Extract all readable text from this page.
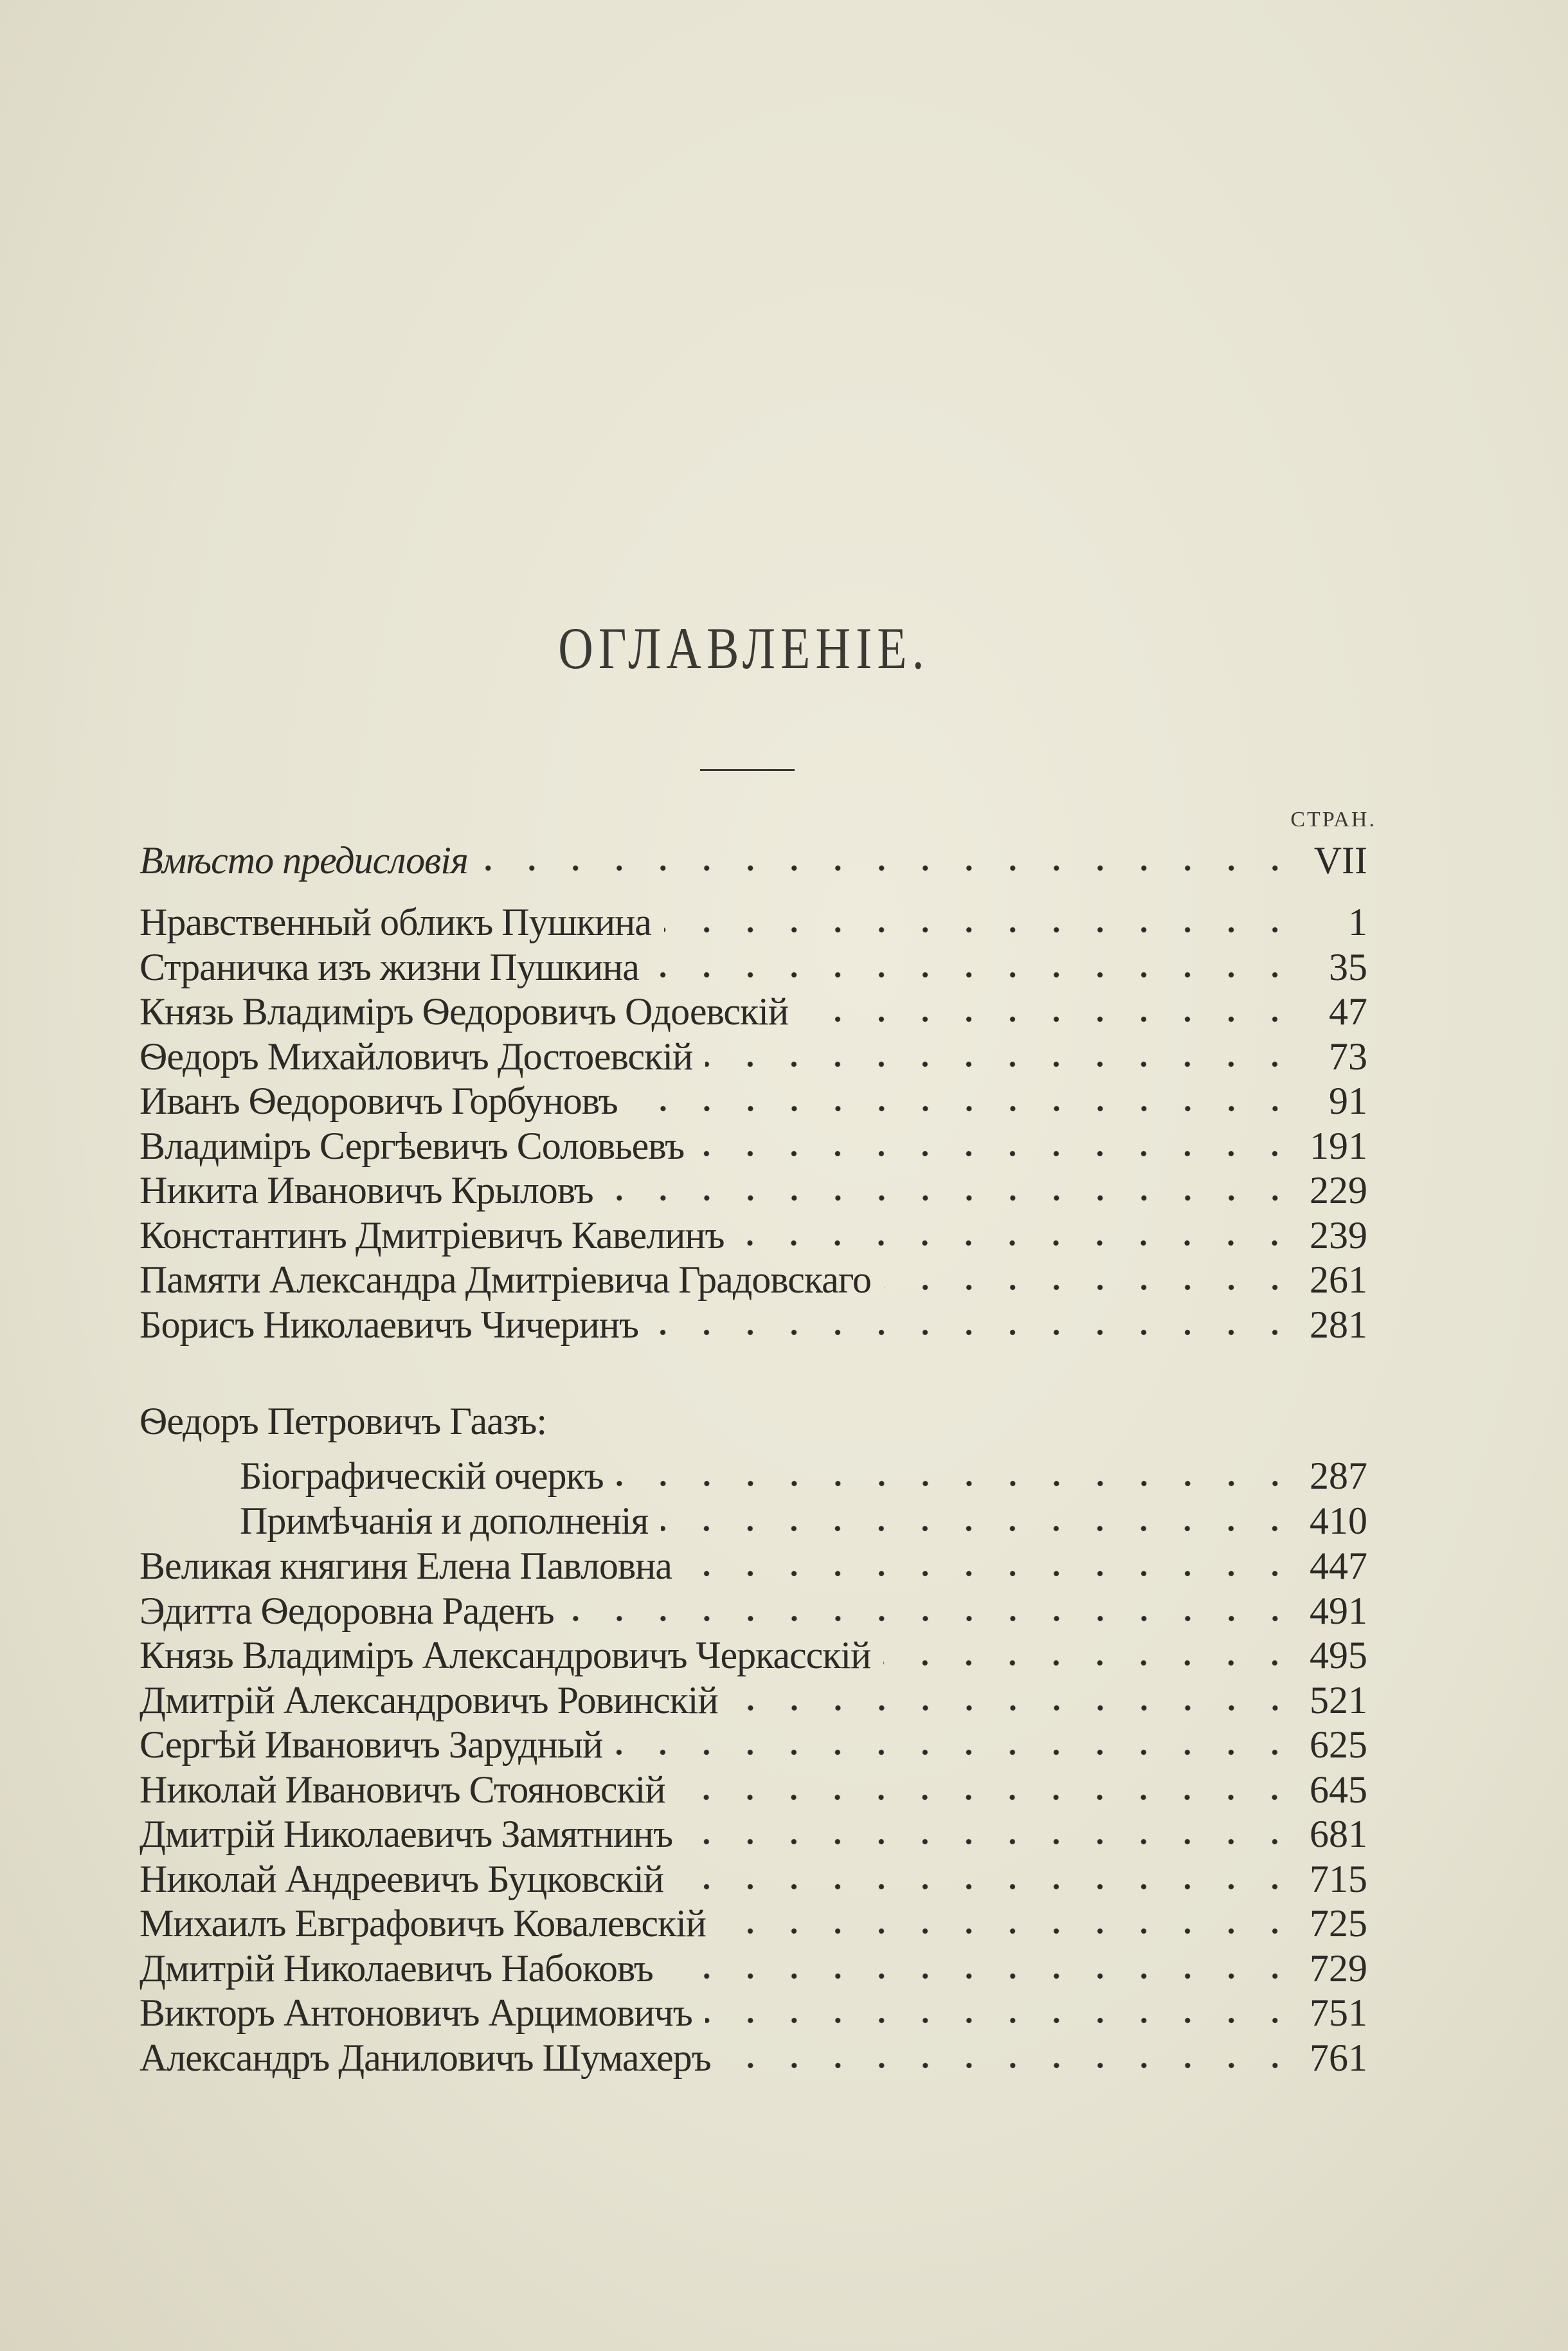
ОГЛАВЛЕНІЕ.
СТРАН.
Вмѣсто предисловія	VII
Нравственный обликъ Пушкина	1
Страничка изъ жизни Пушкина	35
Князь Владимiръ Ѳедоровичъ Одоевскій	47
Ѳедоръ Михайловичъ Достоевскій	73
Иванъ Ѳедоровичъ Горбуновъ	91
Владимiръ Сергѣевичъ Соловьевъ	191
Никита Ивановичъ Крыловъ	229
Константинъ Дмитріевичъ Кавелинъ	239
Памяти Александра Дмитріевича Градовскаго	261
Борисъ Николаевичъ Чичеринъ	281
Ѳедоръ Петровичъ Гаазъ:
Біографическій очеркъ	287
Примѣчанія и дополненія	410
Великая княгиня Елена Павловна	447
Эдитта Ѳедоровна Раденъ	491
Князь Владимiръ Александровичъ Черкасскій	495
Дмитрій Александровичъ Ровинскій	521
Сергѣй Ивановичъ Зарудный	625
Николай Ивановичъ Стояновскій	645
Дмитрій Николаевичъ Замятнинъ	681
Николай Андреевичъ Буцковскій	715
Михаилъ Евграфовичъ Ковалевскій	725
Дмитрій Николаевичъ Набоковъ	729
Викторъ Антоновичъ Арцимовичъ	751
Александръ Даниловичъ Шумахеръ	761
